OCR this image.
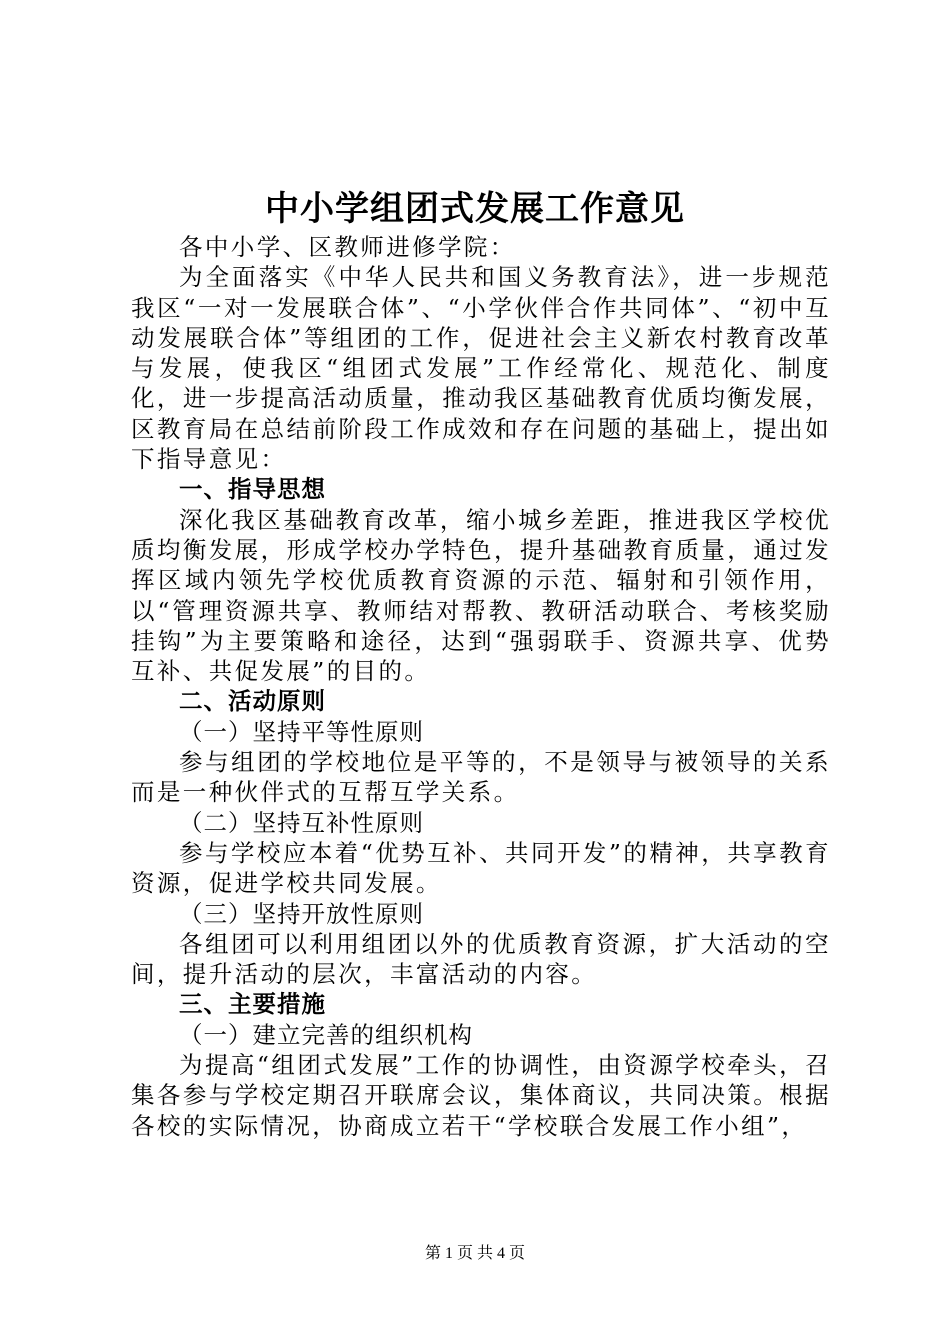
中小学组团式发展工作意见

各中小学、区教师进修学院：

为全面落实《中华人民共和国义务教育法》，进一步规范我区“一对一发展联合体”、“小学伙伴合作共同体”、“初中互动发展联合体”等组团的工作，促进社会主义新农村教育改革与发展，使我区“组团式发展”工作经常化、规范化、制度化，进一步提高活动质量，推动我区基础教育优质均衡发展，区教育局在总结前阶段工作成效和存在问题的基础上，提出如下指导意见：

一、指导思想

深化我区基础教育改革，缩小城乡差距，推进我区学校优质均衡发展，形成学校办学特色，提升基础教育质量，通过发挥区域内领先学校优质教育资源的示范、辐射和引领作用，以“管理资源共享、教师结对帮教、教研活动联合、考核奖励挂钩”为主要策略和途径，达到“强弱联手、资源共享、优势互补、共促发展”的目的。

二、活动原则

（一）坚持平等性原则

参与组团的学校地位是平等的，不是领导与被领导的关系而是一种伙伴式的互帮互学关系。

（二）坚持互补性原则

参与学校应本着“优势互补、共同开发”的精神，共享教育资源，促进学校共同发展。

（三）坚持开放性原则

各组团可以利用组团以外的优质教育资源，扩大活动的空间，提升活动的层次，丰富活动的内容。

三、主要措施

（一）建立完善的组织机构

为提高“组团式发展”工作的协调性，由资源学校牵头，召集各参与学校定期召开联席会议，集体商议，共同决策。根据各校的实际情况，协商成立若干“学校联合发展工作小组”，

第 1 页 共 4 页
